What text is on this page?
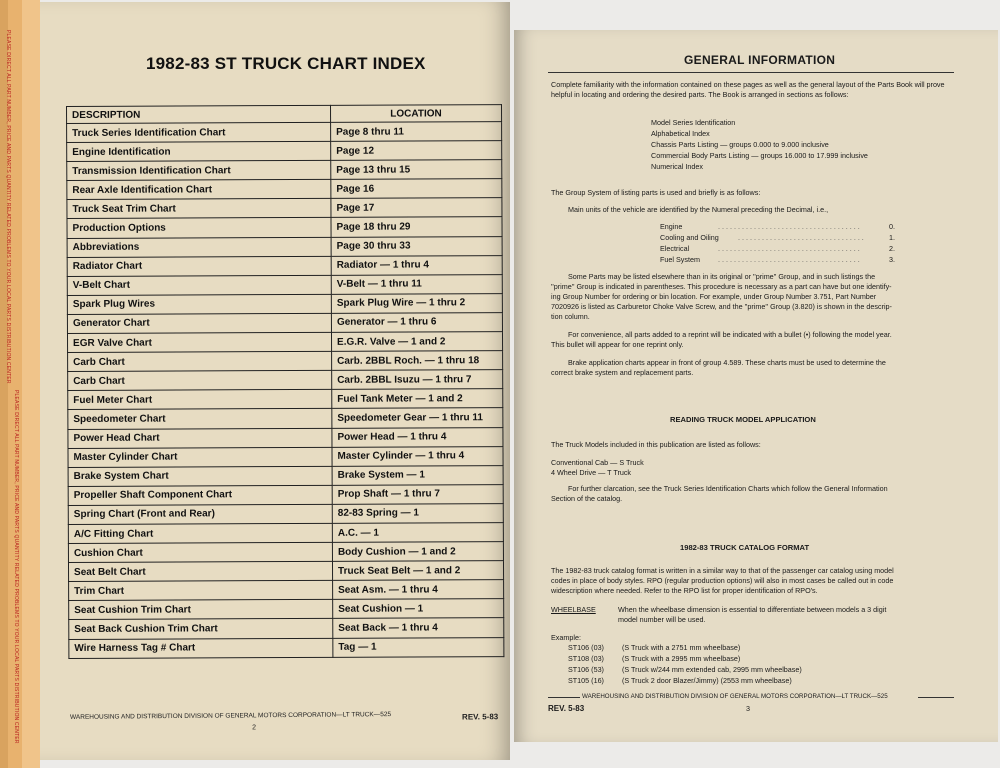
PLEASE DIRECT ALL PART NUMBER, PRICE AND PARTS QUANTITY RELATED PROBLEMS TO YOUR LOCAL PARTS DISTRIBUTION CENTER
PLEASE DIRECT ALL PART NUMBER, PRICE AND PARTS QUANTITY RELATED PROBLEMS TO YOUR LOCAL PARTS DISTRIBUTION CENTER
1982-83 ST TRUCK CHART INDEX
DESCRIPTION	LOCATION
Truck Series Identification Chart	Page 8 thru 11
Engine Identification	Page 12
Transmission Identification Chart	Page 13 thru 15
Rear Axle Identification Chart	Page 16
Truck Seat Trim Chart	Page 17
Production Options	Page 18 thru 29
Abbreviations	Page 30 thru 33
Radiator Chart	Radiator — 1 thru 4
V-Belt Chart	V-Belt — 1 thru 11
Spark Plug Wires	Spark Plug Wire — 1 thru 2
Generator Chart	Generator — 1 thru 6
EGR Valve Chart	E.G.R. Valve — 1 and 2
Carb Chart	Carb. 2BBL Roch. — 1 thru 18
Carb Chart	Carb. 2BBL Isuzu — 1 thru 7
Fuel Meter Chart	Fuel Tank Meter — 1 and 2
Speedometer Chart	Speedometer Gear — 1 thru 11
Power Head Chart	Power Head — 1 thru 4
Master Cylinder Chart	Master Cylinder — 1 thru 4
Brake System Chart	Brake System — 1
Propeller Shaft Component Chart	Prop Shaft — 1 thru 7
Spring Chart (Front and Rear)	82-83 Spring — 1
A/C Fitting Chart	A.C. — 1
Cushion Chart	Body Cushion — 1 and 2
Seat Belt Chart	Truck Seat Belt — 1 and 2
Trim Chart	Seat Asm. — 1 thru 4
Seat Cushion Trim Chart	Seat Cushion — 1
Seat Back Cushion Trim Chart	Seat Back — 1 thru 4
Wire Harness Tag # Chart	Tag — 1
WAREHOUSING AND DISTRIBUTION DIVISION OF GENERAL MOTORS CORPORATION—LT TRUCK—525	REV. 5-83
2
GENERAL INFORMATION
Complete familiarity with the information contained on these pages as well as the general layout of the Parts Book will prove helpful in locating and ordering the desired parts. The Book is arranged in sections as follows:
Model Series Identification
Alphabetical Index
Chassis Parts Listing — groups 0.000 to 9.000 inclusive
Commercial Body Parts Listing — groups 16.000 to 17.999 inclusive
Numerical Index
The Group System of listing parts is used and briefly is as follows:
Main units of the vehicle are identified by the Numeral preceding the Decimal, i.e.,
Engine	. . . . . . . . . . . . . . . . . . . . . . . . . . . . . . . . . . . .	0.
Cooling and Oiling	. . . . . . . . . . . . . . . . . . . . . . . . . . . . . . . .	1.
Electrical	. . . . . . . . . . . . . . . . . . . . . . . . . . . . . . . . . . . .	2.
Fuel System	. . . . . . . . . . . . . . . . . . . . . . . . . . . . . . . . . . . .	3.
Some Parts may be listed elsewhere than in its original or ''prime'' Group, and in such listings the
''prime'' Group is indicated in parentheses. This procedure is necessary as a part can have but one identify-
ing Group Number for ordering or bin location. For example, under Group Number 3.751, Part Number
7020926 is listed as Carburetor Choke Valve Screw, and the ''prime'' Group (3.820) is shown in the descrip-
tion column.
For convenience, all parts added to a reprint will be indicated with a bullet (•) following the model year.
This bullet will appear for one reprint only.
Brake application charts appear in front of group 4.589. These charts must be used to determine the
correct brake system and replacement parts.
READING TRUCK MODEL APPLICATION
The Truck Models included in this publication are listed as follows:
Conventional Cab — S Truck
4 Wheel Drive — T Truck
For further clarcation, see the Truck Series Identification Charts which follow the General Information
Section of the catalog.
1982-83 TRUCK CATALOG FORMAT
The 1982-83 truck catalog format is written in a similar way to that of the passenger car catalog using model
codes in place of body styles. RPO (regular production options) will also in most cases be called out in code
widescription where needed. Refer to the RPO list for proper identification of RPO's.
WHEELBASE	When the wheelbase dimension is essential to differentiate between models a 3 digit
model number will be used.
Example:
ST106 (03)	(S Truck with a 2751 mm wheelbase)
ST108 (03)	(S Truck with a 2995 mm wheelbase)
ST106 (53)	(S Truck w/244 mm extended cab, 2995 mm wheelbase)
ST105 (16)	(S Truck 2 door Blazer/Jimmy) (2553 mm wheelbase)
WAREHOUSING AND DISTRIBUTION DIVISION OF GENERAL MOTORS CORPORATION—LT TRUCK—525
REV. 5-83	3
